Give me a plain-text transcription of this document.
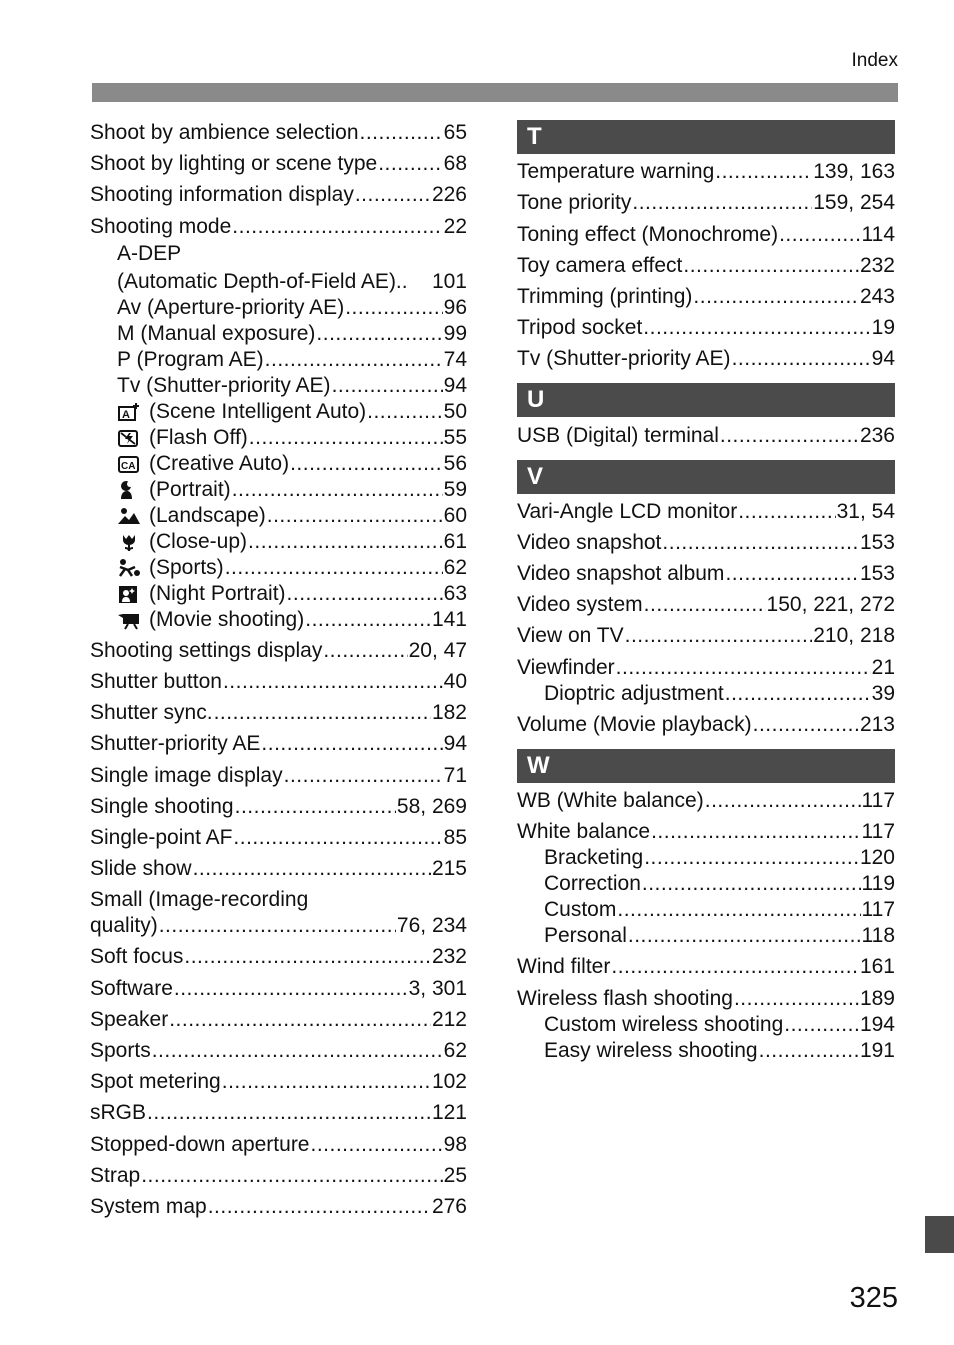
Index
Shoot by ambience selection .....	65
Shoot by lighting or scene type .....	68
Shooting information display .....	226
Shooting mode .....	22
A-DEP
(Automatic Depth-of-Field AE).. 101
Av (Aperture-priority AE) .....	96
M (Manual exposure) .....	99
P (Program AE) .....	74
Tv (Shutter-priority AE) .....	94
A (Scene Intelligent Auto) .....	50
(Flash Off) .....	55
CA (Creative Auto) .....	56
(Portrait) .....	59
(Landscape) .....	60
(Close-up) .....	61
(Sports) .....	62
(Night Portrait) .....	63
(Movie shooting) .....	141
Shooting settings display .....	20, 47
Shutter button .....	40
Shutter sync. .....	182
Shutter-priority AE .....	94
Single image display .....	71
Single shooting .....	58, 269
Single-point AF .....	85
Slide show .....	215
Small (Image-recording
quality) .....	76, 234
Soft focus .....	232
Software .....	3, 301
Speaker .....	212
Sports .....	62
Spot metering .....	102
sRGB .....	121
Stopped-down aperture .....	98
Strap .....	25
System map .....	276
T
Temperature warning .....	139, 163
Tone priority .....	159, 254
Toning effect (Monochrome) .....	114
Toy camera effect .....	232
Trimming (printing) .....	243
Tripod socket .....	19
Tv (Shutter-priority AE) .....	94
U
USB (Digital) terminal .....	236
V
Vari-Angle LCD monitor .....	31, 54
Video snapshot .....	153
Video snapshot album .....	153
Video system .....	150, 221, 272
View on TV .....	210, 218
Viewfinder .....	21
Dioptric adjustment .....	39
Volume (Movie playback) .....	213
W
WB (White balance) .....	117
White balance .....	117
Bracketing .....	120
Correction .....	119
Custom .....	117
Personal .....	118
Wind filter .....	161
Wireless flash shooting .....	189
Custom wireless shooting .....	194
Easy wireless shooting .....	191
325
